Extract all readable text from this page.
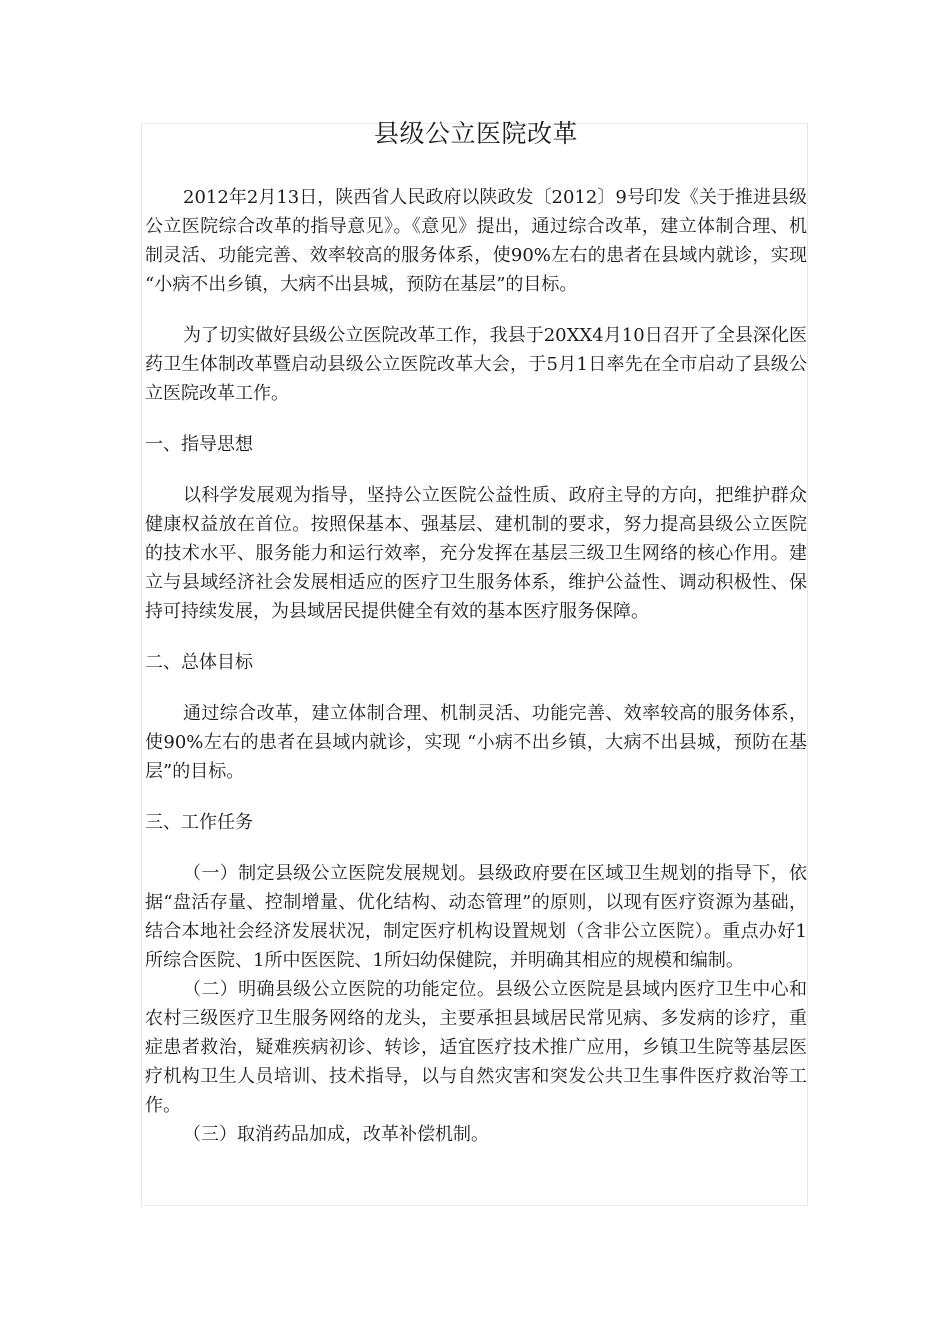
县级公立医院改革

2012年2月13日，陕西省人民政府以陕政发〔2012〕9号印发《关于推进县级公立医院综合改革的指导意见》。《意见》提出，通过综合改革，建立体制合理、机制灵活、功能完善、效率较高的服务体系，使90%左右的患者在县域内就诊，实现 “小病不出乡镇，大病不出县城，预防在基层”的目标。

为了切实做好县级公立医院改革工作，我县于20XX4月10日召开了全县深化医药卫生体制改革暨启动县级公立医院改革大会，于5月1日率先在全市启动了县级公立医院改革工作。

一、指导思想

以科学发展观为指导，坚持公立医院公益性质、政府主导的方向，把维护群众健康权益放在首位。按照保基本、强基层、建机制的要求，努力提高县级公立医院的技术水平、服务能力和运行效率，充分发挥在基层三级卫生网络的核心作用。建立与县域经济社会发展相适应的医疗卫生服务体系，维护公益性、调动积极性、保持可持续发展，为县域居民提供健全有效的基本医疗服务保障。

二、总体目标

通过综合改革，建立体制合理、机制灵活、功能完善、效率较高的服务体系，使90%左右的患者在县域内就诊，实现 “小病不出乡镇，大病不出县城，预防在基层”的目标。

三、工作任务

（一）制定县级公立医院发展规划。县级政府要在区域卫生规划的指导下，依据“盘活存量、控制增量、优化结构、动态管理”的原则，以现有医疗资源为基础，结合本地社会经济发展状况，制定医疗机构设置规划（含非公立医院）。重点办好1所综合医院、1所中医医院、1所妇幼保健院，并明确其相应的规模和编制。

（二）明确县级公立医院的功能定位。县级公立医院是县域内医疗卫生中心和农村三级医疗卫生服务网络的龙头，主要承担县域居民常见病、多发病的诊疗，重症患者救治，疑难疾病初诊、转诊，适宜医疗技术推广应用，乡镇卫生院等基层医疗机构卫生人员培训、技术指导，以与自然灾害和突发公共卫生事件医疗救治等工作。

（三）取消药品加成，改革补偿机制。
